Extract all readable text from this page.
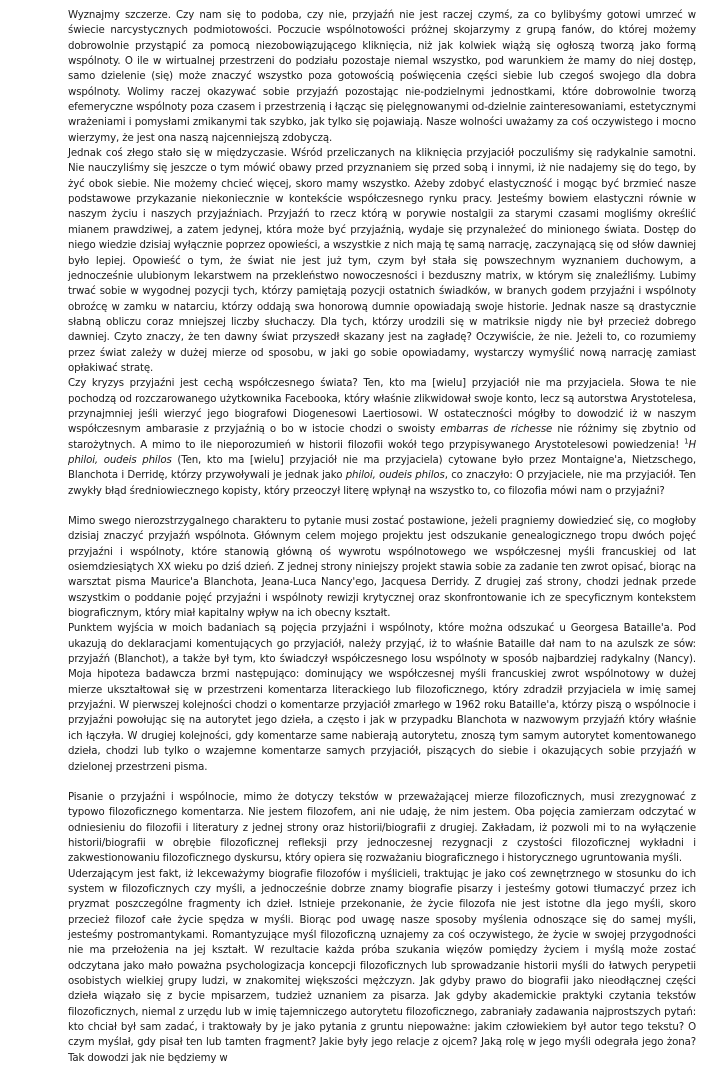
Wyznajmy szczerze. Czy nam się to podoba, czy nie, przyjaźń nie jest raczej czymś, za co bylibyśmy gotowi umrzeć w świecie narcystycznych podmiotowości. Poczucie wspólnotowości próżnej skojarzymy z grupą fanów, do której możemy dobrowolnie przystąpić za pomocą niezobowiązującego kliknięcia, niż jak kolwiek wiążą się ogłoszą tworzą jako formą wspólnoty. O ile w wirtualnej przestrzeni do podziału pozostaje niemal wszystko, pod warunkiem że mamy do niej dostęp, samo dzielenie (się) może znaczyć wszystko poza gotowością poświęcenia części siebie lub czegoś swojego dla dobra wspólnoty. Wolimy raczej okazywać sobie przyjaźń pozostając nie-podzielnymi jednostkami, które dobrowolnie tworzą efemeryczne wspólnoty poza czasem i przestrzenią i łącząc się pielęgnowanymi od-dzielnie zainteresowaniami, estetycznymi wrażeniami i pomysłami zmikanymi tak szybko, jak tylko się pojawiają. Nasze wolności uważamy za coś oczywistego i mocno wierzymy, że jest ona naszą najcenniejszą zdobyczą.

Jednak coś złego stało się w międzyczasie. Wśród przeliczanych na kliknięcia przyjaciół poczuliśmy się radykalnie samotni. Nie nauczyliśmy się jeszcze o tym mówić obawy przed przyznaniem się przed sobą i innymi, iż nie nadajemy się do tego, by żyć obok siebie. Nie możemy chcieć więcej, skoro mamy wszystko. Ażeby zdobyć elastyczność i mogąc być brzmieć nasze podstawowe przykazanie niekoniecznie w kontekście współczesnego rynku pracy. Jesteśmy bowiem elastyczni równie w naszym życiu i naszych przyjaźniach. Przyjaźń to rzecz którą w porywie nostalgii za starymi czasami mogliśmy określić mianem prawdziwej, a zatem jedynej, która może być przyjaźnią, wydaje się przynależeć do minionego świata. Dostęp do niego wiedzie dzisiaj wyłącznie poprzez opowieści, a wszystkie z nich mają tę samą narrację, zaczynającą się od słów dawniej było lepiej. Opowieść o tym, że świat nie jest już tym, czym był stała się powszechnym wyznaniem duchowym, a jednocześnie ulubionym lekarstwem na przekleństwo nowoczesności i bezduszny matrix, w którym się znaleźliśmy. Lubimy trwać sobie w wygodnej pozycji tych, którzy pamiętają pozycji ostatnich świadków, w branych godem przyjaźni i wspólnoty obroźcę w zamku w natarciu, którzy oddają swa honorową dumnie opowiadają swoje historie. Jednak nasze są drastycznie słabną obliczu coraz mniejszej liczby słuchaczy. Dla tych, którzy urodzili się w matriksie nigdy nie był przecież dobrego dawniej. Czyto znaczy, że ten dawny świat przyszedł skazany jest na zagładę? Oczywiście, że nie. Jeżeli to, co rozumiemy przez świat zależy w dużej mierze od sposobu, w jaki go sobie opowiadamy, wystarczy wymyślić nową narrację zamiast opłakiwać stratę.

Czy kryzys przyjaźni jest cechą współczesnego świata? Ten, kto ma [wielu] przyjaciół nie ma przyjaciela. Słowa te nie pochodzą od rozczarowanego użytkownika Facebooka, który właśnie zlikwidował swoje konto, lecz są autorstwa Arystotelesa, przynajmniej jeśli wierzyć jego biografowi Diogenesowi Laertiosowi. W ostateczności mógłby to dowodzić iż w naszym współczesnym ambarasie z przyjaźnią o bo w istocie chodzi o swoisty embarras de richesse nie różnimy się zbytnio od starożytnych. A mimo to ile nieporozumień w historii filozofii wokół tego przypisywanego Arystotelesowi powiedzenia! $^1$H philoi, oudeis philos (Ten, kto ma [wielu] przyjaciół nie ma przyjaciela) cytowane było przez Montaigne'a, Nietzschego, Blanchota i Derridę, którzy przywoływali je jednak jako philoi, oudeis philos, co znaczyło: O przyjaciele, nie ma przyjaciół. Ten zwykły błąd średniowiecznego kopisty, który przeoczył literę wpłynął na wszystko to, co filozofia mówi nam o przyjaźni?

Mimo swego nierozstrzygalnego charakteru to pytanie musi zostać postawione, jeżeli pragniemy dowiedzieć się, co mogłoby dzisiaj znaczyć przyjaźń wspólnota. Głównym celem mojego projektu jest odszukanie genealogicznego tropu dwóch pojęć przyjaźni i wspólnoty, które stanowią główną oś wywrotu wspólnotowego we współczesnej myśli francuskiej od lat osiemdziesiątych XX wieku po dziś dzień. Z jednej strony niniejszy projekt stawia sobie za zadanie ten zwrot opisać, biorąc na warsztat pisma Maurice'a Blanchota, Jeana-Luca Nancy'ego, Jacquesa Derridy. Z drugiej zaś strony, chodzi jednak przede wszystkim o poddanie pojęć przyjaźni i wspólnoty rewizji krytycznej oraz skonfrontowanie ich ze specyficznym kontekstem biograficznym, który miał kapitalny wpływ na ich obecny kształt.

Punktem wyjścia w moich badaniach są pojęcia przyjaźni i wspólnoty, które można odszukać u Georgesa Bataille'a. Pod ukazują do deklaracjami komentujących go przyjaciół, należy przyjąć, iż to właśnie Bataille dał nam to na azulszk ze sów: przyjaźń (Blanchot), a także był tym, kto świadczył współczesnego losu wspólnoty w sposób najbardziej radykalny (Nancy). Moja hipoteza badawcza brzmi następująco: dominujący we współczesnej myśli francuskiej zwrot wspólnotowy w dużej mierze ukształtował się w przestrzeni komentarza literackiego lub filozoficznego, który zdradził przyjaciela w imię samej przyjaźni. W pierwszej kolejności chodzi o komentarze przyjaciół zmarłego w 1962 roku Bataille'a, którzy piszą o wspólnocie i przyjaźni powołując się na autorytet jego dzieła, a często i jak w przypadku Blanchota w nazwowym przyjaźń który właśnie ich łączyła. W drugiej kolejności, gdy komentarze same nabierają autorytetu, znoszą tym samym autorytet komentowanego dzieła, chodzi lub tylko o wzajemne komentarze samych przyjaciół, piszących do siebie i okazujących sobie przyjaźń w dzielonej przestrzeni pisma.

Pisanie o przyjaźni i wspólnocie, mimo że dotyczy tekstów w przeważającej mierze filozoficznych, musi zrezygnować z typowo filozoficznego komentarza. Nie jestem filozofem, ani nie udaję, że nim jestem. Oba pojęcia zamierzam odczytać w odniesieniu do filozofii i literatury z jednej strony oraz historii/biografii z drugiej. Zakładam, iż pozwoli mi to na wyłączenie historii/biografii w obrębie filozoficznej refleksji przy jednoczesnej rezygnacji z czystości filozoficznej wykładni i zakwestionowaniu filozoficznego dyskursu, który opiera się rozważaniu biograficznego i historycznego ugruntowania myśli.

Uderzającym jest fakt, iż lekceważymy biografie filozofów i myślicieli, traktując je jako coś zewnętrznego w stosunku do ich system w filozoficznych czy myśli, a jednocześnie dobrze znamy biografie pisarzy i jesteśmy gotowi tłumaczyć przez ich pryzmat poszczególne fragmenty ich dzieł. Istnieje przekonanie, że życie filozofa nie jest istotne dla jego myśli, skoro przecież filozof całe życie spędza w myśli. Biorąc pod uwagę nasze sposoby myślenia odnoszące się do samej myśli, jesteśmy postromantykami. Romantyzujące myśl filozoficzną uznajemy za coś oczywistego, że życie w swojej przygodności nie ma przełożenia na jej kształt. W rezultacie każda próba szukania więzów pomiędzy życiem i myślą może zostać odczytana jako mało poważna psychologizacja koncepcji filozoficznych lub sprowadzanie historii myśli do łatwych perypetii osobistych wielkiej grupy ludzi, w znakomitej większości mężczyzn. Jak gdyby prawo do biografii jako nieodłącznej części dzieła wiązało się z bycie mpisarzem, tudzież uznaniem za pisarza. Jak gdyby akademickie praktyki czytania tekstów filozoficznych, niemal z urzędu lub w imię tajemniczego autorytetu filozoficznego, zabraniały zadawania najprostszych pytań: kto chciał był sam zadać, i traktowały by je jako pytania z gruntu niepoważne: jakim człowiekiem był autor tego tekstu? O czym myślał, gdy pisał ten lub tamten fragment? Jakie były jego relacje z ojcem? Jaką rolę w jego myśli odegrała jego żona? Tak dowodzi jak nie będziemy w
